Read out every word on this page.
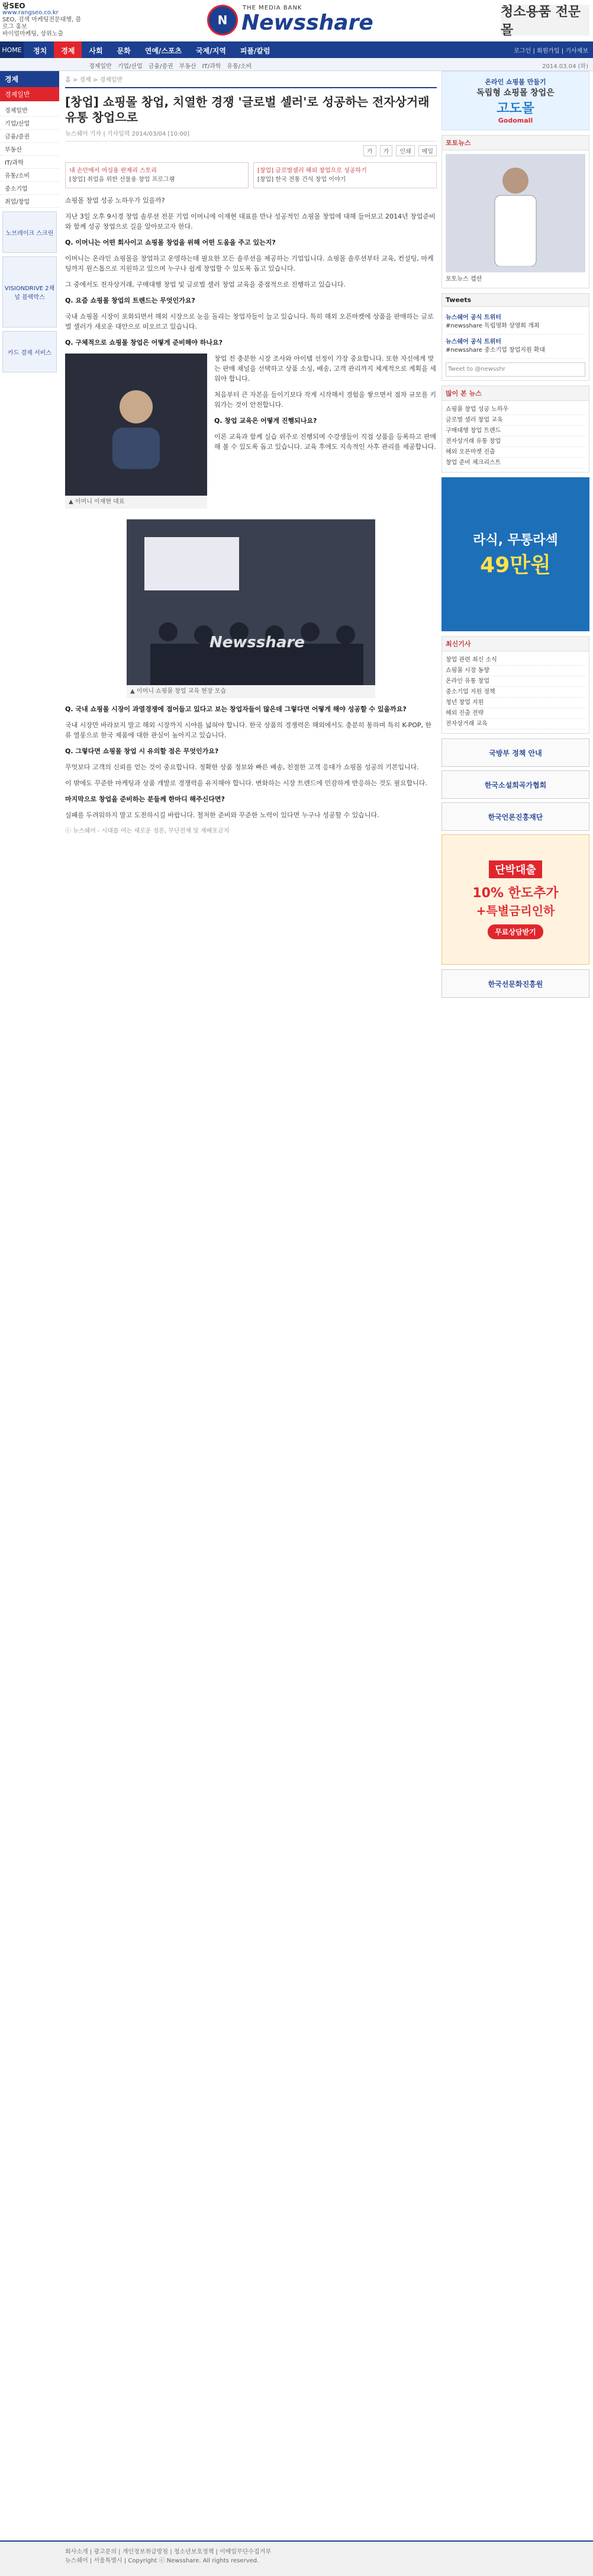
랑SEO
www.rangseo.co.kr
SEO, 검색 마케팅전문대행, 블로그 홍보
바이럴마케팅, 상위노출
N
THE MEDIA BANK
Newsshare	청소용품 전문몰
HOME	정치	경제	사회	문화	연예/스포츠	국제/지역	피플/칼럼	로그인 | 회원가입 | 기사제보
경제일반 기업/산업 금융/증권 부동산 IT/과학 유통/소비	2014.03.04 (화)
경제
경제일반
경제일반
기업/산업
금융/증권
부동산
IT/과학
유통/소비
중소기업
취업/창업
노브레이크 스크린
VISIONDRIVE 2채널 블랙박스
카드 결제 서비스
홈 > 경제 > 경제일반
[창업] 쇼핑몰 창업, 치열한 경쟁 '글로벌 셀러'로 성공하는 전자상거래 유통 창업으로
뉴스쉐어 기자 | 기사입력 2014/03/04 [10:00]
가	가	인쇄	메일
내 손안에서 여성용 란제리 스토리
[창업] 취업을 위한 선물용 창업 프로그램
[창업] 글로벌셀러 해외 창업으로 성공하기
[창업] 한국 전통 간식 창업 이야기

쇼핑몰 창업 성공 노하우가 있을까?

지난 3일 오후 9시경 창업 솔루션 전문 기업 이머니에 이재현 대표를 만나 성공적인 쇼핑몰 창업에 대해 들어보고 2014년 창업준비와 함께 성공 창업으로 길을 알아보고자 한다.

Q. 이머니는 어떤 회사이고 쇼핑몰 창업을 위해 어떤 도움을 주고 있는지?

이머니는 온라인 쇼핑몰을 창업하고 운영하는데 필요한 모든 솔루션을 제공하는 기업입니다. 쇼핑몰 솔루션부터 교육, 컨설팅, 마케팅까지 원스톱으로 지원하고 있으며 누구나 쉽게 창업할 수 있도록 돕고 있습니다.

그 중에서도 전자상거래, 구매대행 창업 및 글로벌 셀러 창업 교육을 중점적으로 진행하고 있습니다.

Q. 요즘 쇼핑몰 창업의 트렌드는 무엇인가요?

국내 쇼핑몰 시장이 포화되면서 해외 시장으로 눈을 돌리는 창업자들이 늘고 있습니다. 특히 해외 오픈마켓에 상품을 판매하는 글로벌 셀러가 새로운 대안으로 떠오르고 있습니다.

Q. 구체적으로 쇼핑몰 창업은 어떻게 준비해야 하나요?

▲ 이머니 이재현 대표

창업 전 충분한 시장 조사와 아이템 선정이 가장 중요합니다. 또한 자신에게 맞는 판매 채널을 선택하고 상품 소싱, 배송, 고객 관리까지 체계적으로 계획을 세워야 합니다.

처음부터 큰 자본을 들이기보다 작게 시작해서 경험을 쌓으면서 점차 규모를 키워가는 것이 안전합니다.

Q. 창업 교육은 어떻게 진행되나요?

이론 교육과 함께 실습 위주로 진행되며 수강생들이 직접 상품을 등록하고 판매해 볼 수 있도록 돕고 있습니다. 교육 후에도 지속적인 사후 관리를 제공합니다.

Newsshare
▲ 이머니 쇼핑몰 창업 교육 현장 모습

Q. 국내 쇼핑몰 시장이 과열경쟁에 접어들고 있다고 보는 창업자들이 많은데 그렇다면 어떻게 해야 성공할 수 있을까요?

국내 시장만 바라보지 말고 해외 시장까지 시야를 넓혀야 합니다. 한국 상품의 경쟁력은 해외에서도 충분히 통하며 특히 K-POP, 한류 열풍으로 한국 제품에 대한 관심이 높아지고 있습니다.

Q. 그렇다면 쇼핑몰 창업 시 유의할 점은 무엇인가요?

무엇보다 고객의 신뢰를 얻는 것이 중요합니다. 정확한 상품 정보와 빠른 배송, 친절한 고객 응대가 쇼핑몰 성공의 기본입니다.

이 밖에도 꾸준한 마케팅과 상품 개발로 경쟁력을 유지해야 합니다. 변화하는 시장 트렌드에 민감하게 반응하는 것도 필요합니다.

마지막으로 창업을 준비하는 분들께 한마디 해주신다면?

실패를 두려워하지 말고 도전하시길 바랍니다. 철저한 준비와 꾸준한 노력이 있다면 누구나 성공할 수 있습니다.

ⓒ 뉴스쉐어 - 시대를 여는 새로운 정론, 무단전재 및 재배포금지

온라인 쇼핑몰 만들기
독립형 쇼핑몰 창업은
고도몰
Godomall
포토뉴스
포토뉴스 캡션
Tweets
뉴스쉐어 공식 트위터
#newsshare 독립영화 상영회 개최
뉴스쉐어 공식 트위터
#newsshare 중소기업 창업지원 확대
Tweet to @newsshr
많이 본 뉴스
쇼핑몰 창업 성공 노하우
글로벌 셀러 창업 교육
구매대행 창업 트렌드
전자상거래 유통 창업
해외 오픈마켓 진출
창업 준비 체크리스트
라식, 무통라섹
49만원
최신기사
창업 관련 최신 소식
쇼핑몰 시장 동향
온라인 유통 창업
중소기업 지원 정책
청년 창업 지원
해외 진출 전략
전자상거래 교육
국방부 정책 안내
한국소설희곡가협회
한국언론진흥재단
단박대출
10% 한도추가
+특별금리인하
무료상담받기
한국선문화진흥원
회사소개 | 광고문의 | 개인정보취급방침 | 청소년보호정책 | 이메일무단수집거부
뉴스쉐어 | 서울특별시 | Copyright ⓒ Newsshare. All rights reserved.
